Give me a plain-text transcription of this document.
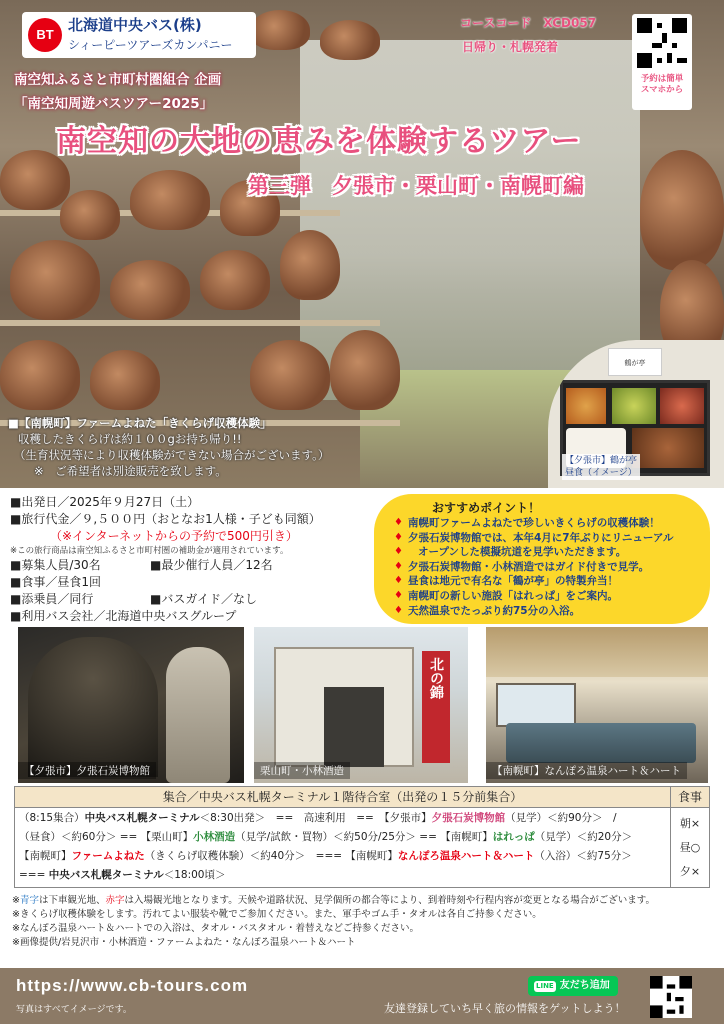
BT
北海道中央バス(株)
シィーピーツアーズカンパニー
コースコード　XCD057
日帰り・札幌発着
予約は簡単
スマホから
南空知ふるさと市町村圏組合 企画
「南空知周遊バスツアー2025」
南空知の大地の恵みを体験するツアー
第三弾　夕張市・栗山町・南幌町編
■【南幌町】ファームよねた「きくらげ収穫体験」
収穫したきくらげは約１００gお持ち帰り!!
（生育状況等により収穫体験ができない場合がございます。）
※　ご希望者は別途販売を致します。
鶴が亭
【夕張市】鶴が亭
昼食（イメージ）
■出発日／2025年９月27日（土）
■旅行代金／９,５００円（おとなお1人様・子ども同額）
（※インターネットからの予約で500円引き）
※この旅行商品は南空知ふるさと市町村圏の補助金が適用されています。
■募集人員/30名	■最少催行人員／12名
■食事／昼食1回
■添乗員／同行	■バスガイド／なし
■利用バス会社／北海道中央バスグループ
おすすめポイント！
♦ 南幌町ファームよねたで珍しいきくらげの収穫体験！
♦ 夕張石炭博物館では、本年4月に7年ぶりにリニューアル
♦ オープンした模擬坑道を見学いただきます。
♦ 夕張石炭博物館・小林酒造ではガイド付きで見学。
♦ 昼食は地元で有名な「鶴が亭」の特製弁当！
♦ 南幌町の新しい施設「はれっぱ」をご案内。
♦ 天然温泉でたっぷり約75分の入浴。
【夕張市】夕張石炭博物館
北の錦
栗山町・小林酒造	【南幌町】なんぽろ温泉ハート＆ハート
集合／中央バス札幌ターミナル１階待合室（出発の１５分前集合）	食事
（8:15集合）中央バス札幌ターミナル＜8:30出発＞　==　高速利用　==　【夕張市】夕張石炭博物館（見学）＜約90分＞　/
（昼食）＜約60分＞ == 【栗山町】小林酒造（見学/試飲・買物）＜約50分/25分＞ == 【南幌町】はれっぱ（見学）＜約20分＞
【南幌町】ファームよねた（きくらげ収穫体験）＜約40分＞　=== 【南幌町】なんぽろ温泉ハート＆ハート（入浴）＜約75分＞
=== 中央バス札幌ターミナル＜18:00頃＞
朝×
昼○
夕×
※青字は下車観光地、赤字は入場観光地となります。天候や道路状況、見学個所の都合等により、到着時刻や行程内容が変更となる場合がございます。
※きくらげ収穫体験をします。汚れてよい服装や靴でご参加ください。また、軍手やゴム手・タオルは各自ご持参ください。
※なんぽろ温泉ハート＆ハートでの入浴は、タオル・バスタオル・着替えなどご持参ください。
※画像提供/岩見沢市・小林酒造・ファームよねた・なんぽろ温泉ハート＆ハート
https://www.cb-tours.com
写真はすべてイメージです。
LINE 友だち追加
友達登録していち早く旅の情報をゲットしよう！
